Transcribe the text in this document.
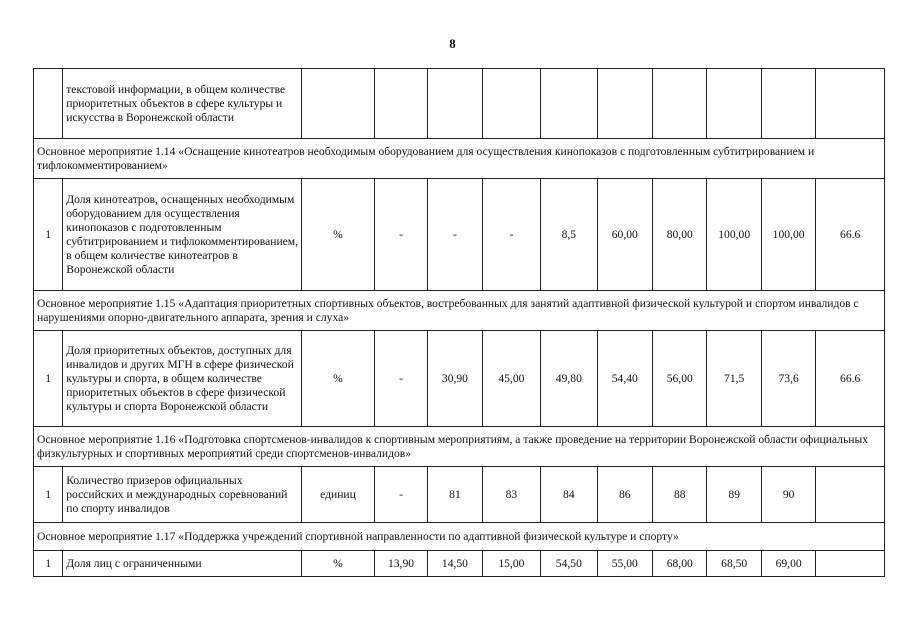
8
	текстовой информации, в общем количестве приоритетных объектов в сфере культуры и искусства в Воронежской области										
Основное мероприятие 1.14 «Оснащение кинотеатров необходимым оборудованием для осуществления кинопоказов с подготовленным субтитрированием и тифлокомментированием»											
1	Доля кинотеатров, оснащенных необходимым оборудованием для осуществления кинопоказов с подготовленным субтитрированием и тифлокомментированием, в общем количестве кинотеатров в Воронежской области	%	-	-	-	8,5	60,00	80,00	100,00	100,00	66.6
Основное мероприятие 1.15 «Адаптация приоритетных спортивных объектов, востребованных для занятий адаптивной физической культурой и спортом инвалидов с нарушениями опорно-двигательного аппарата, зрения и слуха»											
1	Доля приоритетных объектов, доступных для инвалидов и других МГН в сфере физической культуры и спорта, в общем количестве приоритетных объектов в сфере физической культуры и спорта Воронежской области	%	-	30,90	45,00	49,80	54,40	56,00	71,5	73,6	66.6
Основное мероприятие 1.16 «Подготовка спортсменов-инвалидов к спортивным мероприятиям, а также проведение на территории Воронежской области официальных физкультурных и спортивных мероприятий среди спортсменов-инвалидов»											
1	Количество призеров официальных российских и международных соревнований по спорту инвалидов	единиц	-	81	83	84	86	88	89	90	
Основное мероприятие 1.17 «Поддержка учреждений спортивной направленности по адаптивной физической культуре и спорту»											
1	Доля лиц с ограниченными	%	13,90	14,50	15,00	54,50	55,00	68,00	68,50	69,00	
